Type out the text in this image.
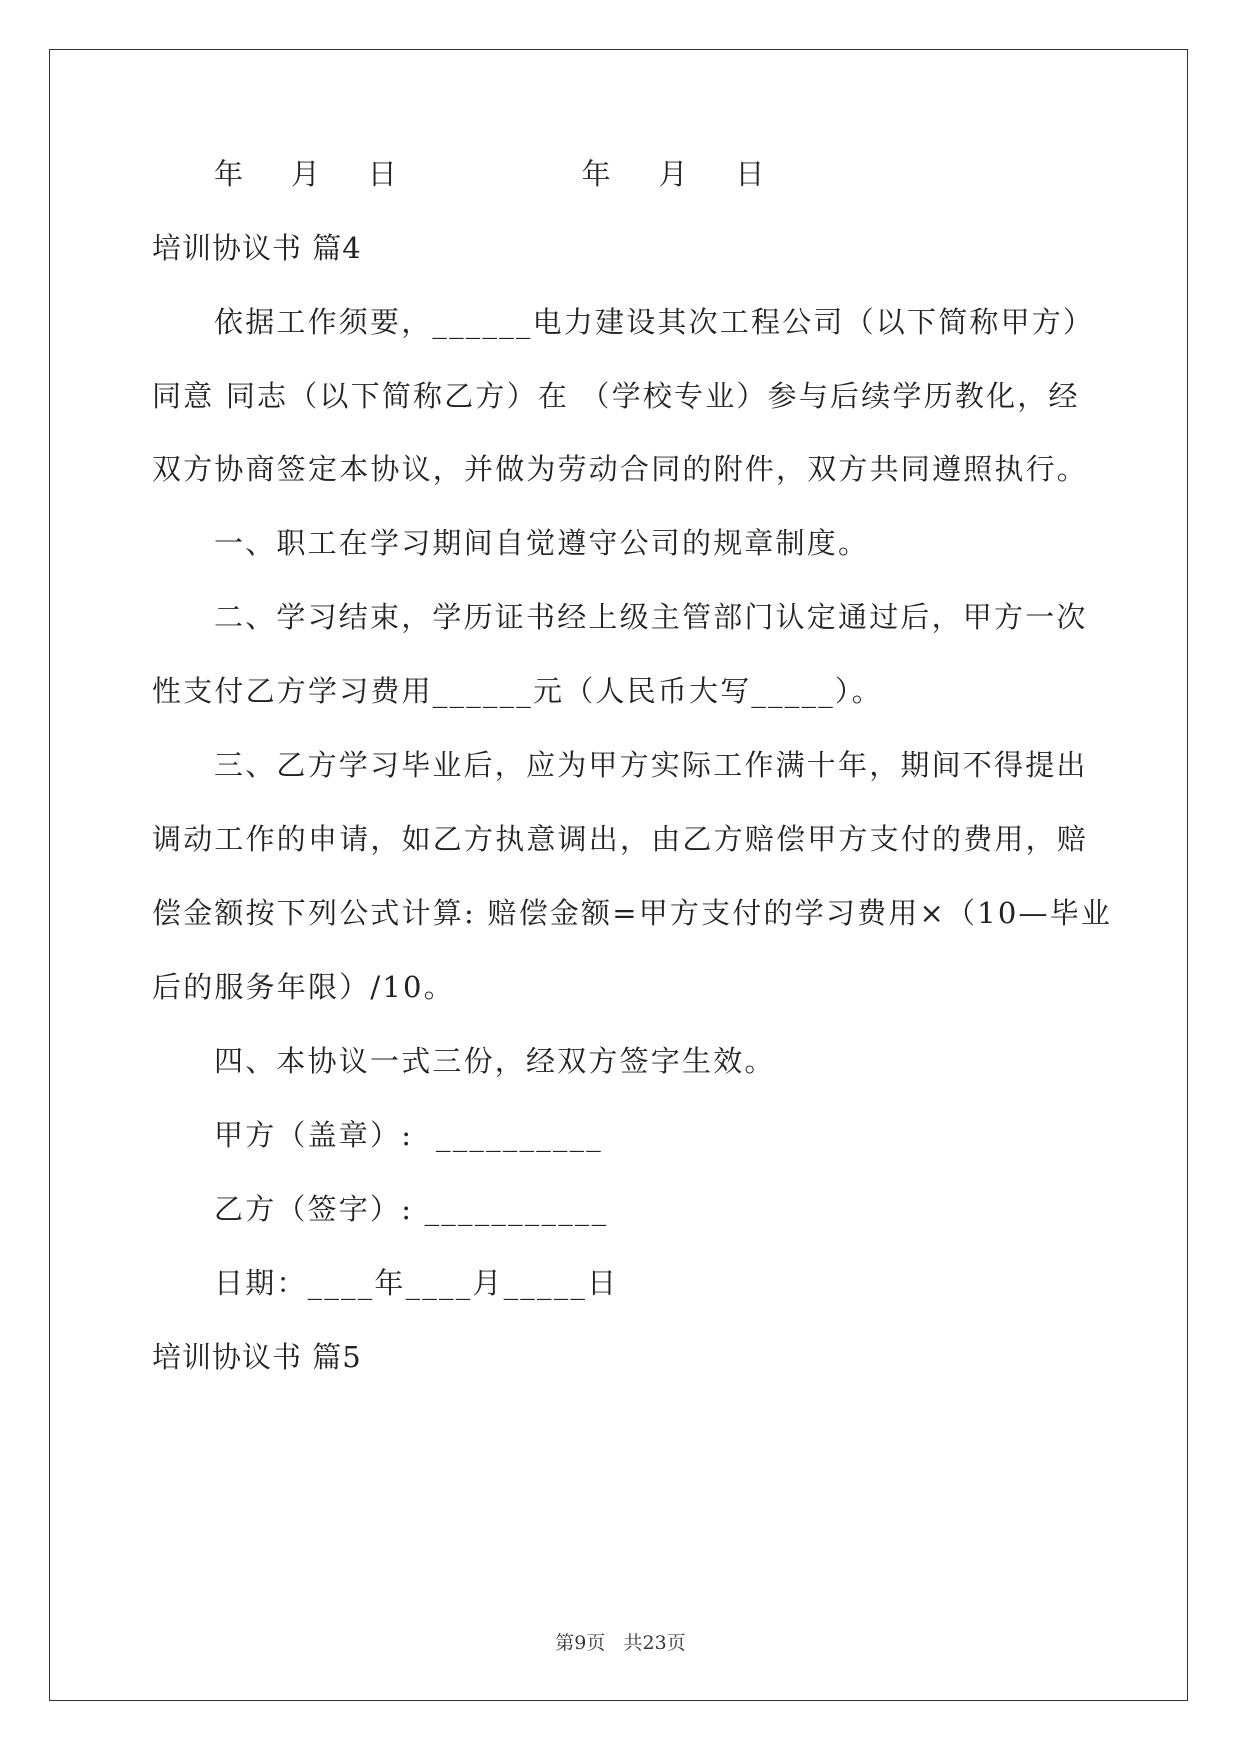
年    月    日                年    月    日
培训协议书 篇4
依据工作须要，______电力建设其次工程公司（以下简称甲方）
同意 同志（以下简称乙方）在 （学校专业）参与后续学历教化，经
双方协商签定本协议，并做为劳动合同的附件，双方共同遵照执行。
一、职工在学习期间自觉遵守公司的规章制度。
二、学习结束，学历证书经上级主管部门认定通过后，甲方一次
性支付乙方学习费用______元（人民币大写_____）。
三、乙方学习毕业后，应为甲方实际工作满十年，期间不得提出
调动工作的申请，如乙方执意调出，由乙方赔偿甲方支付的费用，赔
偿金额按下列公式计算: 赔偿金额=甲方支付的学习费用×（10—毕业
后的服务年限）/10。
四、本协议一式三份，经双方签字生效。
甲方（盖章）:  __________
乙方（签字）: ___________
日期：____年____月_____日
培训协议书 篇5
第9页   共23页
